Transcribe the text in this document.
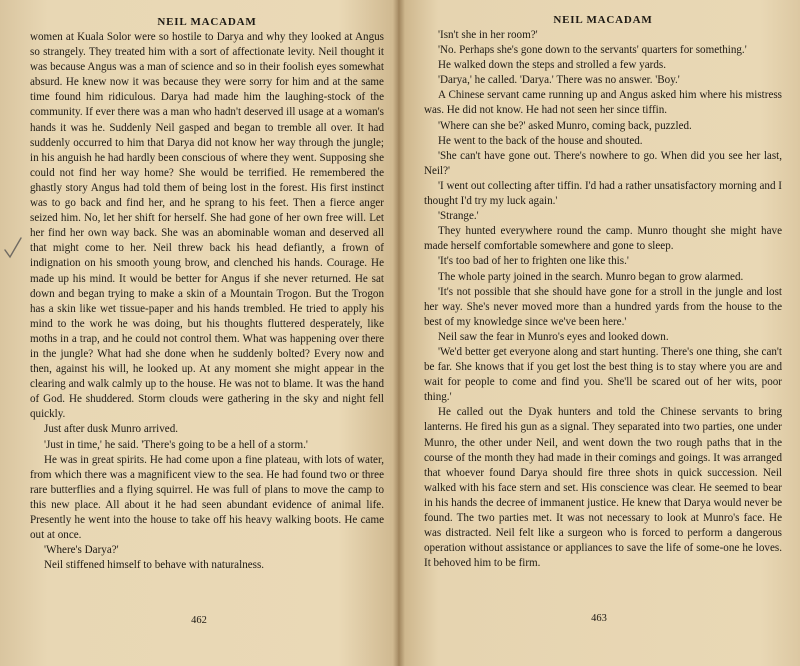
NEIL MACADAM

women at Kuala Solor were so hostile to Darya and why they looked at Angus so strangely. They treated him with a sort of affectionate levity. Neil thought it was because Angus was a man of science and so in their foolish eyes somewhat absurd. He knew now it was because they were sorry for him and at the same time found him ridiculous. Darya had made him the laughing-stock of the community. If ever there was a man who hadn't deserved ill usage at a woman's hands it was he. Suddenly Neil gasped and began to tremble all over. It had suddenly occurred to him that Darya did not know her way through the jungle; in his anguish he had hardly been conscious of where they went. Supposing she could not find her way home? She would be terrified. He remembered the ghastly story Angus had told them of being lost in the forest. His first instinct was to go back and find her, and he sprang to his feet. Then a fierce anger seized him. No, let her shift for herself. She had gone of her own free will. Let her find her own way back. She was an abominable woman and deserved all that might come to her. Neil threw back his head defiantly, a frown of indignation on his smooth young brow, and clenched his hands. Courage. He made up his mind. It would be better for Angus if she never returned. He sat down and began trying to make a skin of a Mountain Trogon. But the Trogon has a skin like wet tissue-paper and his hands trembled. He tried to apply his mind to the work he was doing, but his thoughts fluttered desperately, like moths in a trap, and he could not control them. What was happening over there in the jungle? What had she done when he suddenly bolted? Every now and then, against his will, he looked up. At any moment she might appear in the clearing and walk calmly up to the house. He was not to blame. It was the hand of God. He shuddered. Storm clouds were gathering in the sky and night fell quickly.

Just after dusk Munro arrived.

'Just in time,' he said. 'There's going to be a hell of a storm.'

He was in great spirits. He had come upon a fine plateau, with lots of water, from which there was a magnificent view to the sea. He had found two or three rare butterflies and a flying squirrel. He was full of plans to move the camp to this new place. All about it he had seen abundant evidence of animal life. Presently he went into the house to take off his heavy walking boots. He came out at once.

'Where's Darya?'

Neil stiffened himself to behave with naturalness.

462
NEIL MACADAM

'Isn't she in her room?'

'No. Perhaps she's gone down to the servants' quarters for something.'

He walked down the steps and strolled a few yards.

'Darya,' he called. 'Darya.' There was no answer. 'Boy.'

A Chinese servant came running up and Angus asked him where his mistress was. He did not know. He had not seen her since tiffin.

'Where can she be?' asked Munro, coming back, puzzled.

He went to the back of the house and shouted.

'She can't have gone out. There's nowhere to go. When did you see her last, Neil?'

'I went out collecting after tiffin. I'd had a rather unsatisfactory morning and I thought I'd try my luck again.'

'Strange.'

They hunted everywhere round the camp. Munro thought she might have made herself comfortable somewhere and gone to sleep.

'It's too bad of her to frighten one like this.'

The whole party joined in the search. Munro began to grow alarmed.

'It's not possible that she should have gone for a stroll in the jungle and lost her way. She's never moved more than a hundred yards from the house to the best of my knowledge since we've been here.'

Neil saw the fear in Munro's eyes and looked down.

'We'd better get everyone along and start hunting. There's one thing, she can't be far. She knows that if you get lost the best thing is to stay where you are and wait for people to come and find you. She'll be scared out of her wits, poor thing.'

He called out the Dyak hunters and told the Chinese servants to bring lanterns. He fired his gun as a signal. They separated into two parties, one under Munro, the other under Neil, and went down the two rough paths that in the course of the month they had made in their comings and goings. It was arranged that whoever found Darya should fire three shots in quick succession. Neil walked with his face stern and set. His conscience was clear. He seemed to bear in his hands the decree of immanent justice. He knew that Darya would never be found. The two parties met. It was not necessary to look at Munro's face. He was distracted. Neil felt like a surgeon who is forced to perform a dangerous operation without assistance or appliances to save the life of some-one he loves. It behoved him to be firm.

463
